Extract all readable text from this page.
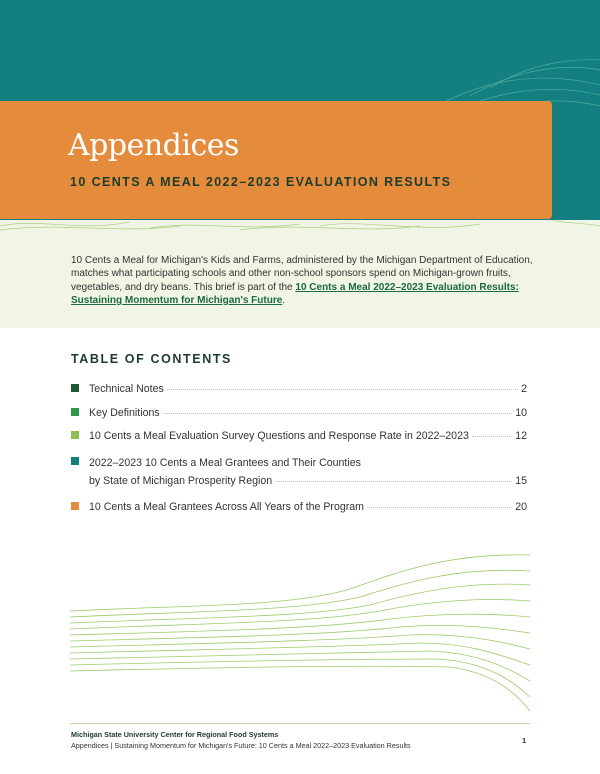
Appendices
10 CENTS A MEAL 2022–2023 EVALUATION RESULTS

10 Cents a Meal for Michigan's Kids and Farms, administered by the Michigan Department of Education, matches what participating schools and other non-school sponsors spend on Michigan-grown fruits, vegetables, and dry beans. This brief is part of the 10 Cents a Meal 2022–2023 Evaluation Results: Sustaining Momentum for Michigan's Future.

TABLE OF CONTENTS
Technical Notes	2
Key Definitions	10
10 Cents a Meal Evaluation Survey Questions and Response Rate in 2022–2023	12
2022–2023 10 Cents a Meal Grantees and Their Counties
by State of Michigan Prosperity Region	15
10 Cents a Meal Grantees Across All Years of the Program	20

Michigan State University Center for Regional Food Systems

Appendices | Sustaining Momentum for Michigan's Future: 10 Cents a Meal 2022–2023 Evaluation Results

1
